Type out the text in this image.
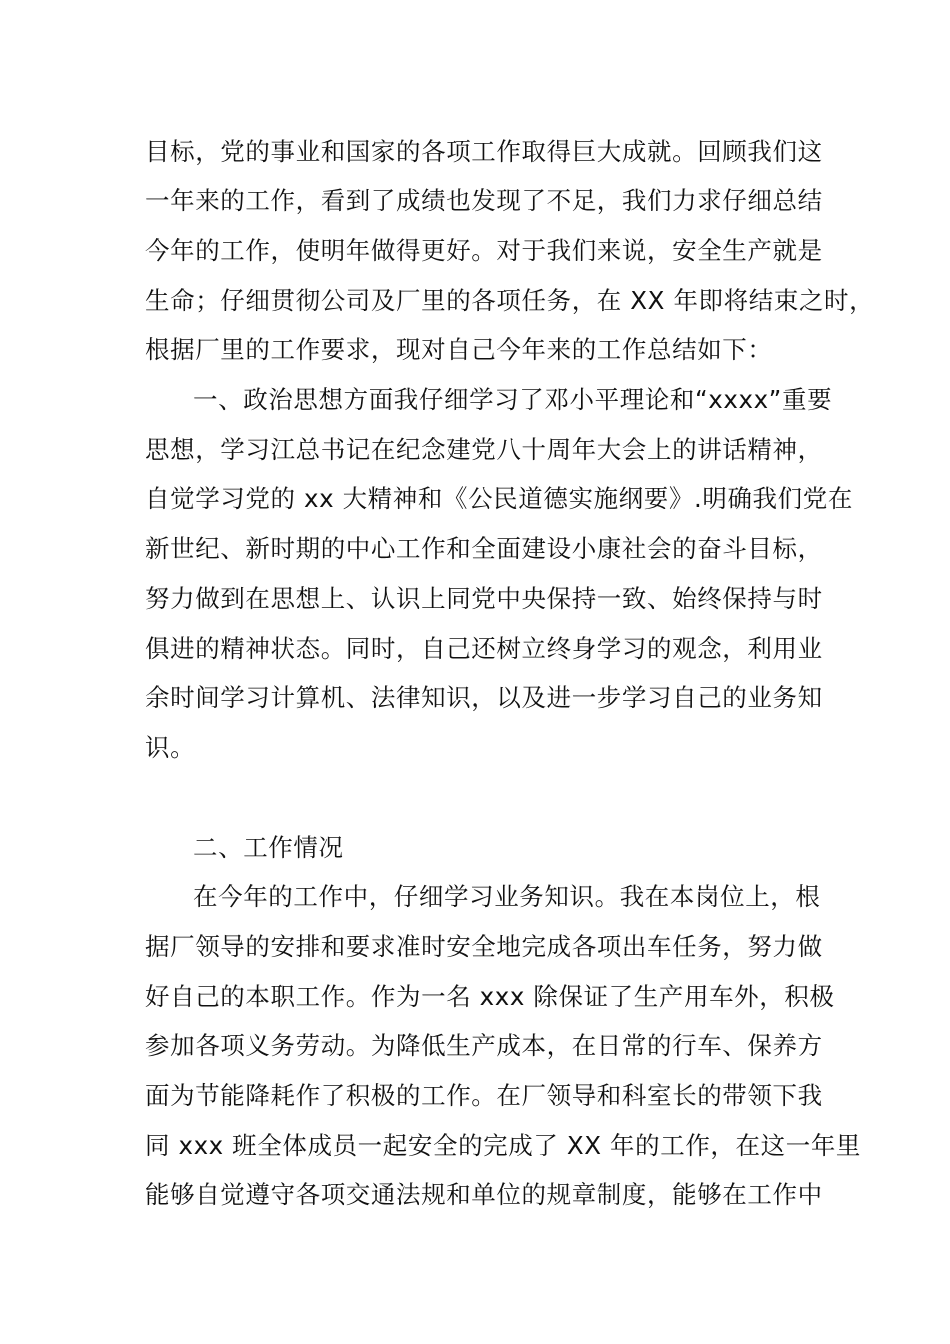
目标，党的事业和国家的各项工作取得巨大成就。回顾我们这
一年来的工作，看到了成绩也发现了不足，我们力求仔细总结
今年的工作，使明年做得更好。对于我们来说，安全生产就是
生命；仔细贯彻公司及厂里的各项任务，在 XX 年即将结束之时，
根据厂里的工作要求，现对自己今年来的工作总结如下：
一、政治思想方面我仔细学习了邓小平理论和“xxxx”重要
思想，学习江总书记在纪念建党八十周年大会上的讲话精神，
自觉学习党的 xx 大精神和《公民道德实施纲要》.明确我们党在
新世纪、新时期的中心工作和全面建设小康社会的奋斗目标，
努力做到在思想上、认识上同党中央保持一致、始终保持与时
俱进的精神状态。同时，自己还树立终身学习的观念，利用业
余时间学习计算机、法律知识，以及进一步学习自己的业务知
识。
二、工作情况
在今年的工作中，仔细学习业务知识。我在本岗位上，根
据厂领导的安排和要求准时安全地完成各项出车任务，努力做
好自己的本职工作。作为一名 xxx 除保证了生产用车外，积极
参加各项义务劳动。为降低生产成本，在日常的行车、保养方
面为节能降耗作了积极的工作。在厂领导和科室长的带领下我
同 xxx 班全体成员一起安全的完成了 XX 年的工作，在这一年里
能够自觉遵守各项交通法规和单位的规章制度，能够在工作中
